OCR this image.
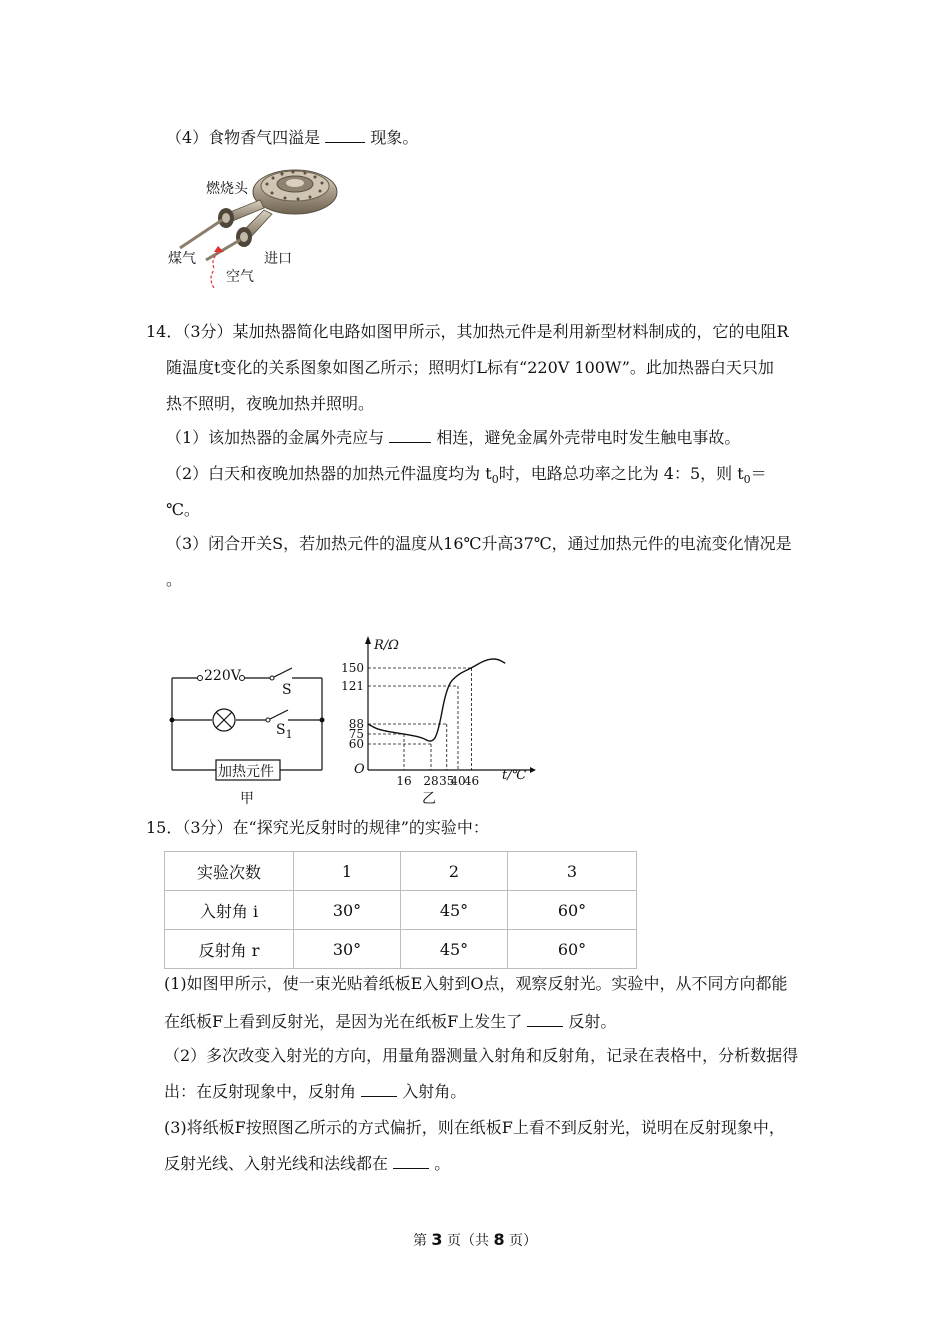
（4）食物香气四溢是	现象。
燃烧头
煤气	进口
空气
14．（3分）某加热器简化电路如图甲所示，其加热元件是利用新型材料制成的，它的电阻R
随温度t变化的关系图象如图乙所示；照明灯L标有“220V 100W”。此加热器白天只加
热不照明，夜晚加热并照明。
（1）该加热器的金属外壳应与	相连，避免金属外壳带电时发生触电事故。
（2）白天和夜晚加热器的加热元件温度均为 $t_0$时，电路总功率之比为 4：5，则 $t_0=$
℃。
（3）闭合开关S，若加热元件的温度从16℃升高37℃，通过加热元件的电流变化情况是
。
220V
S
$S_1$
加热元件
甲
60
75
88
121
150
16 28 35
40
46
R/Ω
t/℃
O
乙
15．（3分）在“探究光反射时的规律”的实验中：
实验次数	1	2	3
入射角 i	30°	45°	60°
反射角 r	30°	45°	60°
(1)如图甲所示，使一束光贴着纸板E入射到O点，观察反射光。实验中，从不同方向都能
在纸板F上看到反射光，是因为光在纸板F上发生了	反射。
（2）多次改变入射光的方向，用量角器测量入射角和反射角，记录在表格中，分析数据得
出：在反射现象中，反射角	入射角。
(3)将纸板F按照图乙所示的方式偏折，则在纸板F上看不到反射光，说明在反射现象中，
反射光线、入射光线和法线都在	。
第 3 页（共 8 页）
